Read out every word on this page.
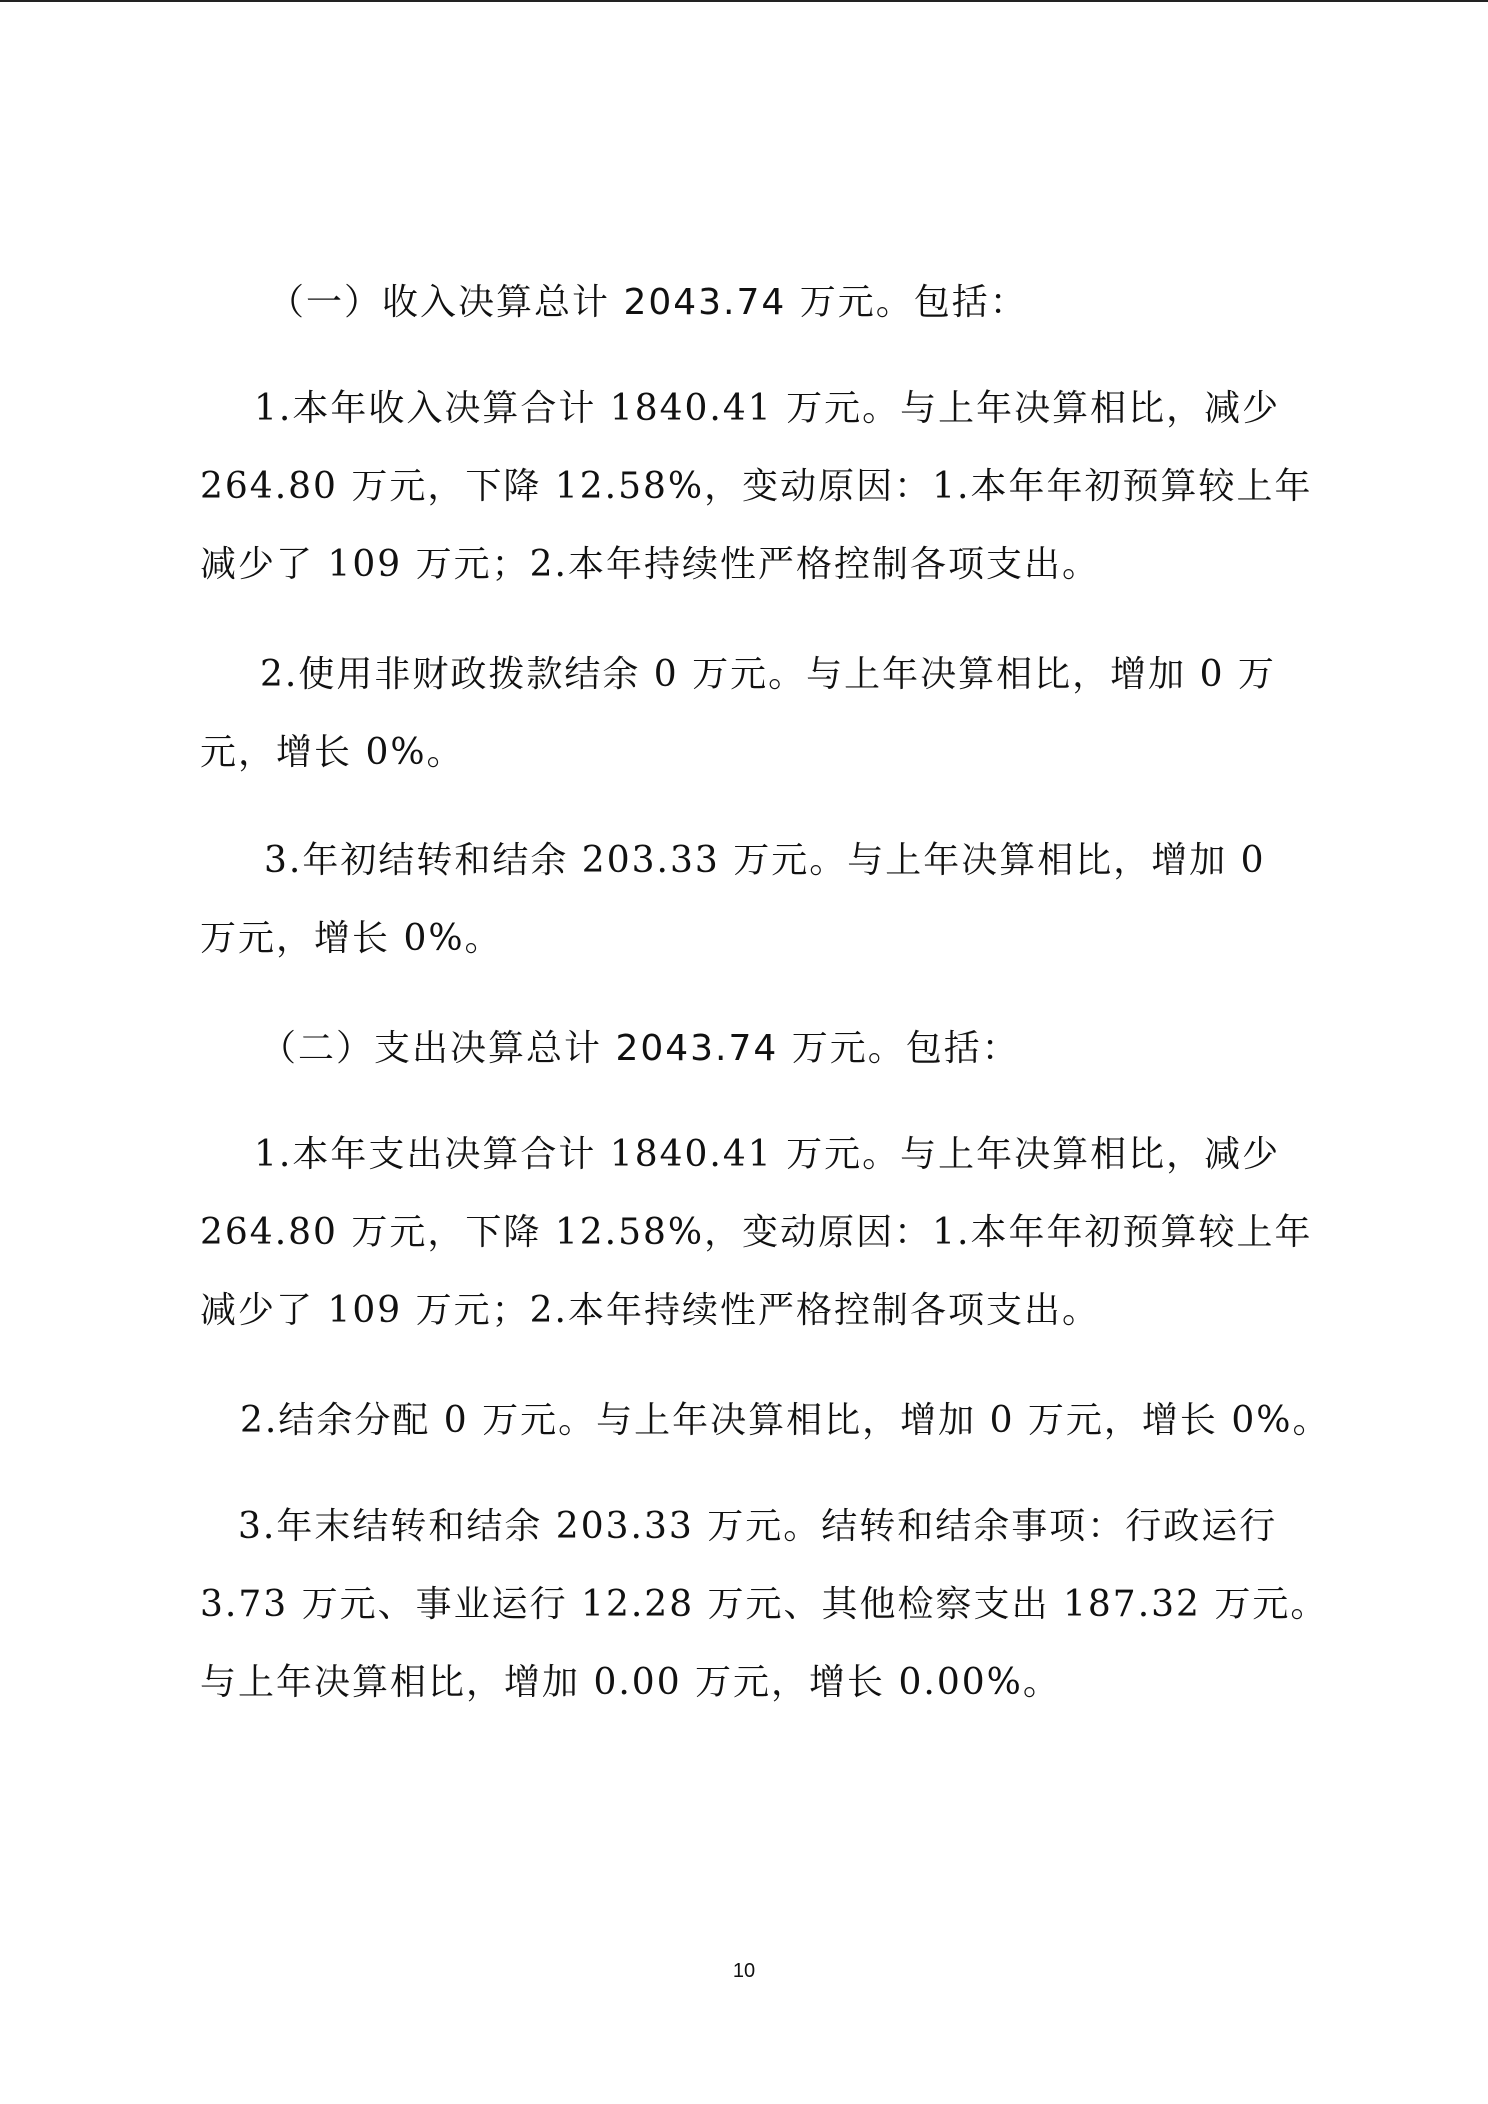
（一）收入决算总计 2043.74 万元。包括：

1.本年收入决算合计 1840.41 万元。与上年决算相比，减少
264.80 万元，下降 12.58%，变动原因：1.本年年初预算较上年
减少了 109 万元；2.本年持续性严格控制各项支出。

2.使用非财政拨款结余 0 万元。与上年决算相比，增加 0 万
元，增长 0%。

3.年初结转和结余 203.33 万元。与上年决算相比，增加 0
万元，增长 0%。

（二）支出决算总计 2043.74 万元。包括：

1.本年支出决算合计 1840.41 万元。与上年决算相比，减少
264.80 万元，下降 12.58%，变动原因：1.本年年初预算较上年
减少了 109 万元；2.本年持续性严格控制各项支出。

2.结余分配 0 万元。与上年决算相比，增加 0 万元，增长 0%。

3.年末结转和结余 203.33 万元。结转和结余事项：行政运行
3.73 万元、事业运行 12.28 万元、其他检察支出 187.32 万元。
与上年决算相比，增加 0.00 万元，增长 0.00%。

10
